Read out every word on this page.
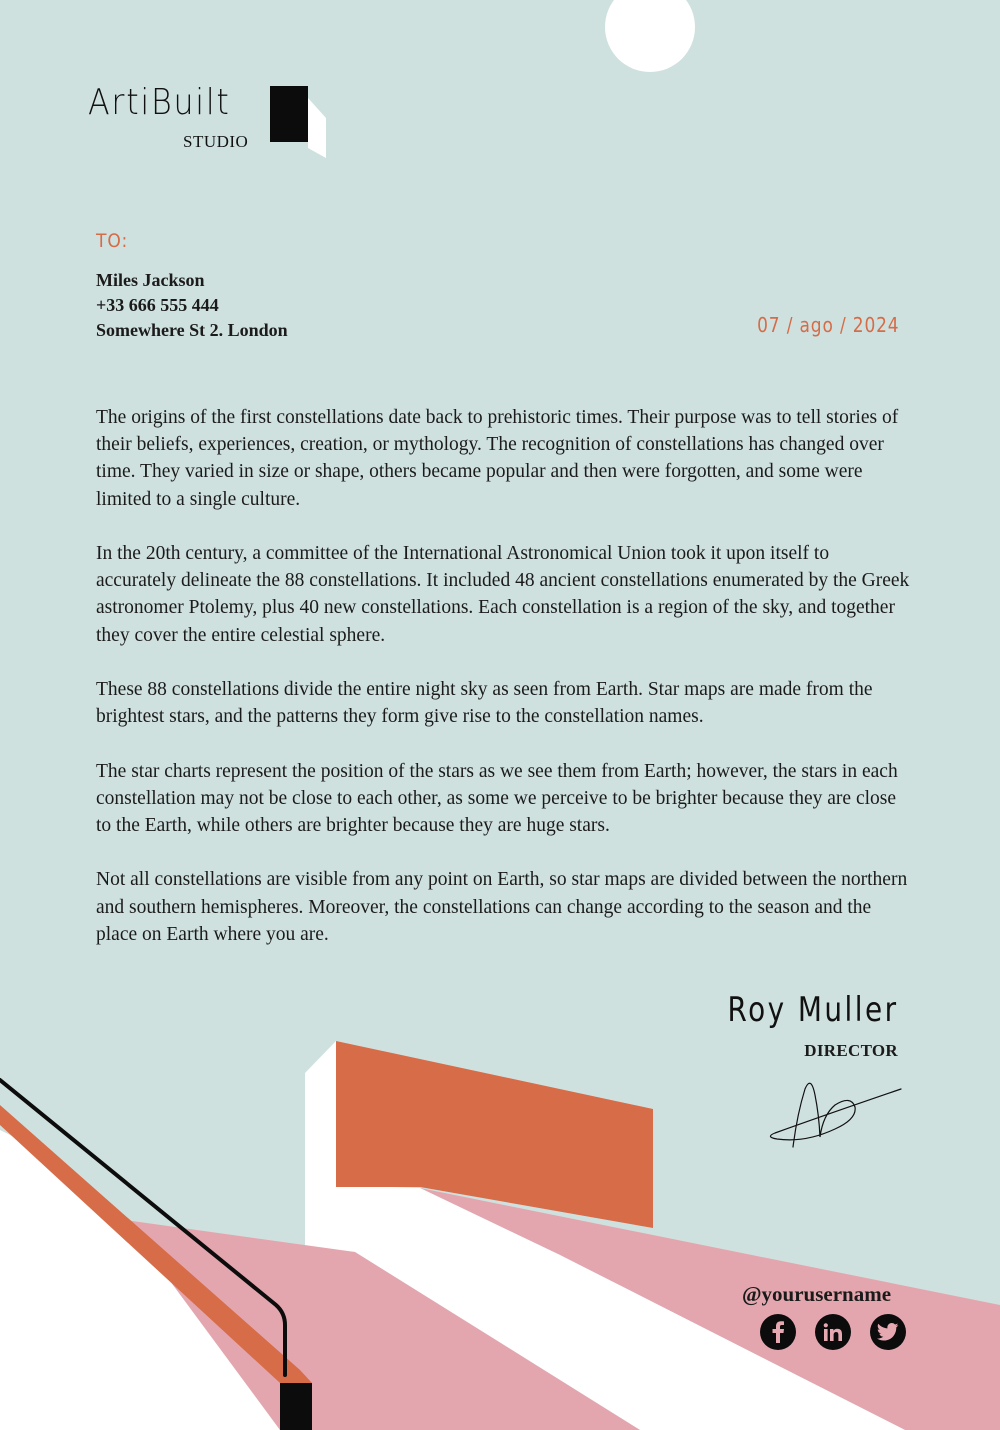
ArtiBuilt
STUDIO
TO:
Miles Jackson
+33 666 555 444
Somewhere St 2. London	07 / ago / 2024

The origins of the first constellations date back to prehistoric times. Their purpose was to tell stories of their beliefs, experiences, creation, or mythology. The recognition of constellations has changed over time. They varied in size or shape, others became popular and then were forgotten, and some were limited to a single culture.

In the 20th century, a committee of the International Astronomical Union took it upon itself to accurately delineate the 88 constellations. It included 48 ancient constellations enumerated by the Greek astronomer Ptolemy, plus 40 new constellations. Each constellation is a region of the sky, and together they cover the entire celestial sphere.

These 88 constellations divide the entire night sky as seen from Earth. Star maps are made from the brightest stars, and the patterns they form give rise to the constellation names.

The star charts represent the position of the stars as we see them from Earth; however, the stars in each constellation may not be close to each other, as some we perceive to be brighter because they are close to the Earth, while others are brighter because they are huge stars.

Not all constellations are visible from any point on Earth, so star maps are divided between the northern and southern hemispheres. Moreover, the constellations can change according to the season and the place on Earth where you are.

Roy Muller
DIRECTOR
@yourusername
